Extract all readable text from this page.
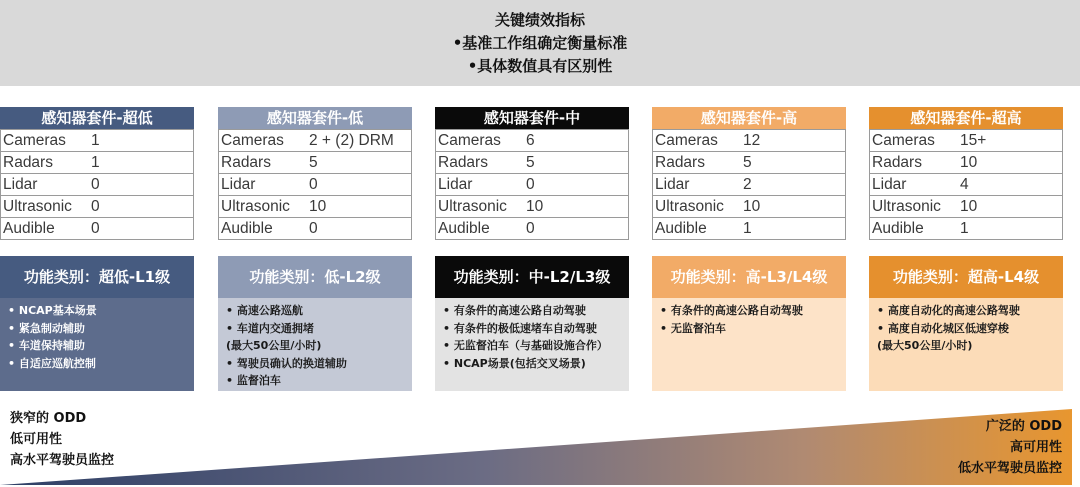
关键绩效指标
•基准工作组确定衡量标准
•具体数值具有区别性
感知器套件-超低
Cameras	1
Radars	1
Lidar	0
Ultrasonic	0
Audible	0
感知器套件-低
Cameras	2 + (2) DRM
Radars	5
Lidar	0
Ultrasonic	10
Audible	0
感知器套件-中
Cameras	6
Radars	5
Lidar	0
Ultrasonic	10
Audible	0
感知器套件-高
Cameras	12
Radars	5
Lidar	2
Ultrasonic	10
Audible	1
感知器套件-超高
Cameras	15+
Radars	10
Lidar	4
Ultrasonic	10
Audible	1
功能类别：超低-L1级
• NCAP基本场景
• 紧急制动辅助
• 车道保持辅助
• 自适应巡航控制
功能类别：低-L2级
• 高速公路巡航
• 车道内交通拥堵
(最大50公里/小时)
• 驾驶员确认的换道辅助
• 监督泊车
功能类别：中-L2/L3级
• 有条件的高速公路自动驾驶
• 有条件的极低速堵车自动驾驶
• 无监督泊车（与基础设施合作）
• NCAP场景(包括交叉场景)
功能类别：高-L3/L4级
• 有条件的高速公路自动驾驶
• 无监督泊车
功能类别：超高-L4级
• 高度自动化的高速公路驾驶
• 高度自动化城区低速穿梭
(最大50公里/小时)
狭窄的 ODD
低可用性
高水平驾驶员监控
广泛的 ODD
高可用性
低水平驾驶员监控
